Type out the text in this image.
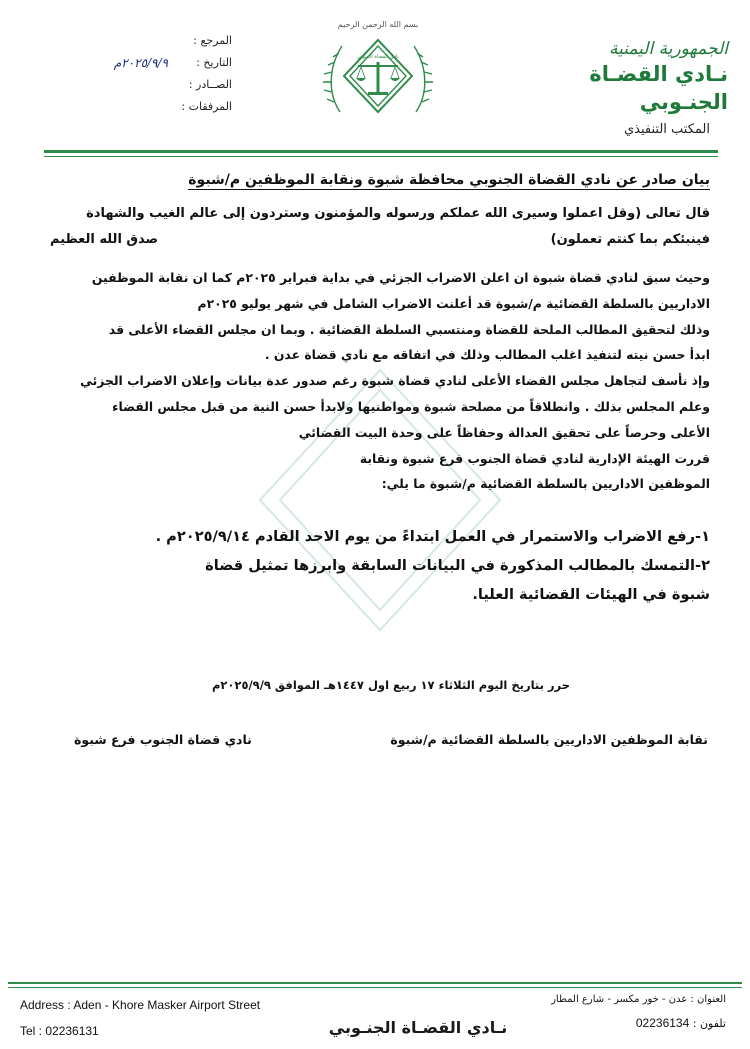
الجمهورية اليمنية
نـادي القضـاة الجنـوبي
المكتب التنفيذي
بسم الله الرحمن الرحيم
نادي القضاة الجنوبي
المرجع :
التاريخ :
٢٠٢٥/٩/٩م
الصــادر :
المرفقات :
بيان صادر عن نادي القضاة الجنوبي محافظة شبوة ونقابة الموظفين م/شبوة

قال تعالى (وقل اعملوا وسيرى الله عملكم ورسوله والمؤمنون وستردون إلى عالم الغيب والشهادة

فينبئكم بما كنتم تعملون)
صدق الله العظيم

وحيث سبق لنادي قضاة شبوة ان اعلن الاضراب الجزئي في بداية فبراير ٢٠٢٥م كما ان نقابة الموظفين

الاداريين بالسلطة القضائية م/شبوة قد أعلنت الاضراب الشامل في شهر يوليو ٢٠٢٥م

وذلك لتحقيق المطالب الملحة للقضاة ومنتسبي السلطة القضائية . وبما ان مجلس القضاء الأعلى قد

ابدأ حسن نيته لتنفيذ اغلب المطالب وذلك في اتفاقه مع نادي قضاة عدن .

وإذ نأسف لتجاهل مجلس القضاء الأعلى لنادي قضاة شبوة رغم صدور عدة بيانات وإعلان الاضراب الجزئي

وعلم المجلس بذلك . وانطلاقاً من مصلحة شبوة ومواطنيها ولابدأ حسن النية من قبل مجلس القضاء

الأعلى وحرصاً على تحقيق العدالة وحفاظاً على وحدة البيت القضائي

قررت الهيئة الإدارية لنادي قضاة الجنوب فرع شبوة ونقابة

الموظفين الاداريين بالسلطة القضائية م/شبوة ما يلي:

١-رفع الاضراب والاستمرار في العمل ابتداءً من يوم الاحد القادم ٢٠٢٥/٩/١٤م .

٢-التمسك بالمطالب المذكورة في البيانات السابقة وابرزها تمثيل قضاة

شبوة في الهيئات القضائية العليا.

حرر بتاريخ اليوم الثلاثاء ١٧ ربيع اول ١٤٤٧هـ الموافق ٢٠٢٥/٩/٩م
نقابة الموظفين الاداريين بالسلطة القضائية م/شبوة
نادي قضاة الجنوب فرع شبوة
Address : Aden - Khore Masker Airport Street
Tel : 02236131
العنوان : عدن - خور مكسر - شارع المطار
تلفون : 02236134
نـادي القضـاة الجنـوبي
